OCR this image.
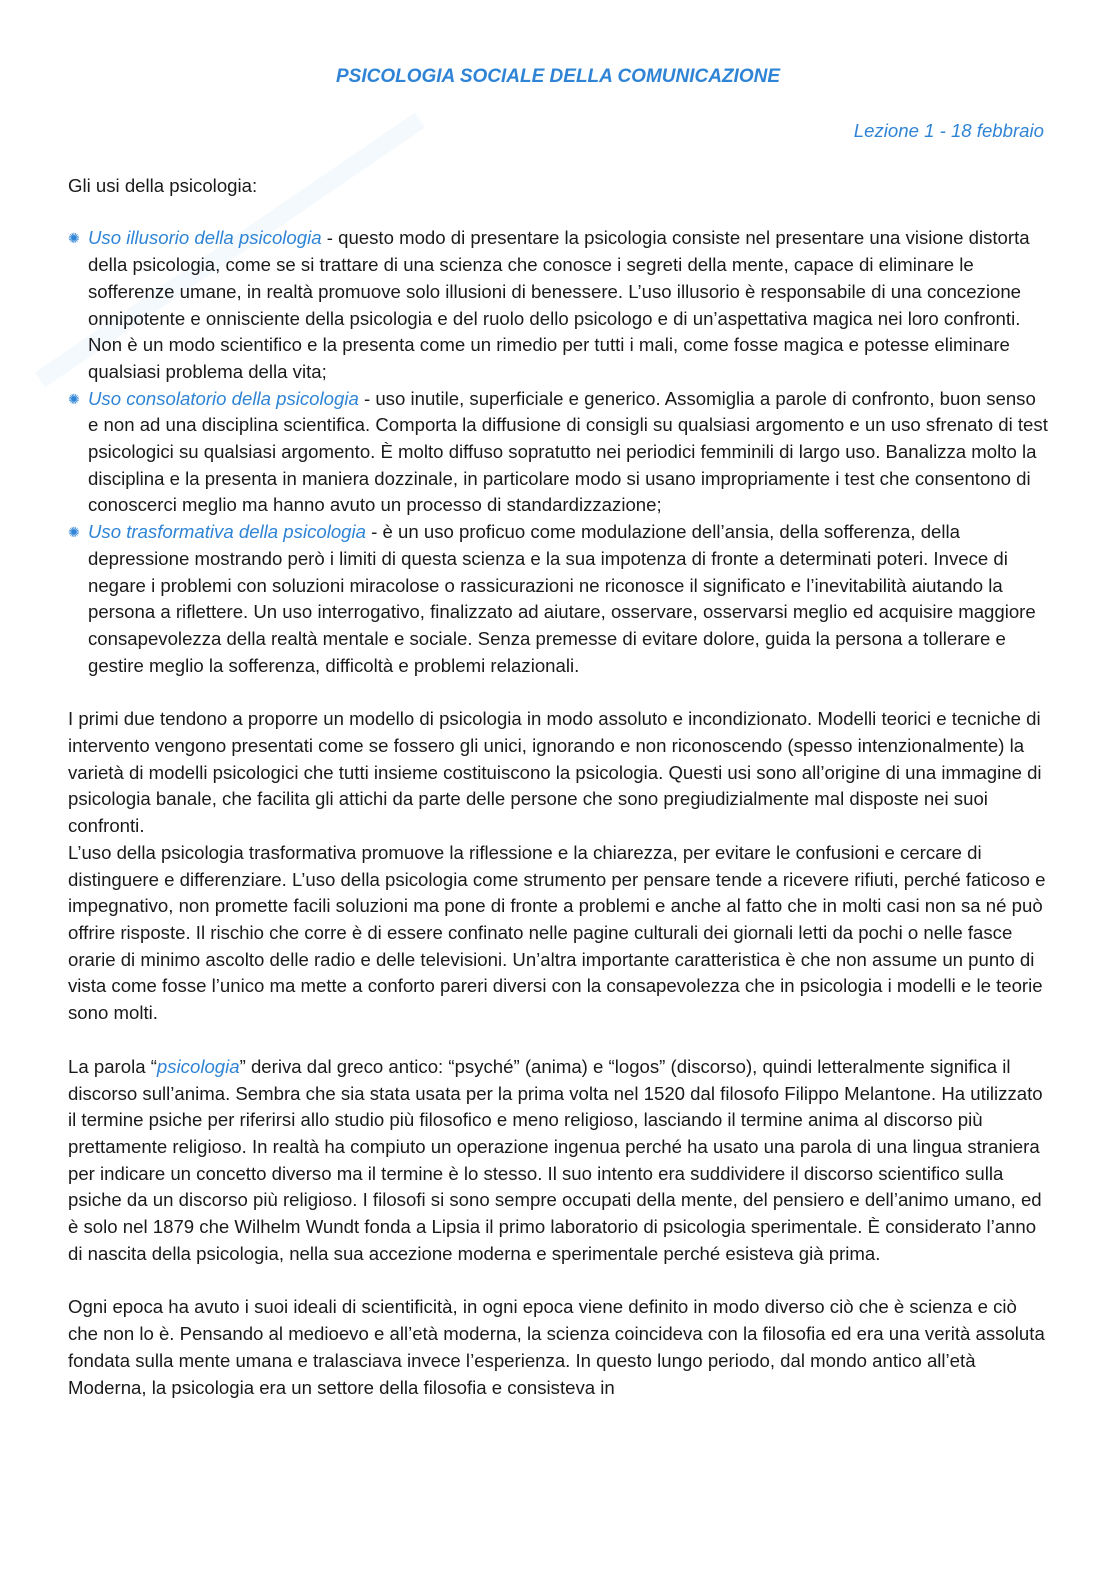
PSICOLOGIA SOCIALE DELLA COMUNICAZIONE
Lezione 1 - 18 febbraio

Gli usi della psicologia:

✺ Uso illusorio della psicologia - questo modo di presentare la psicologia consiste nel presentare una visione distorta della psicologia, come se si trattare di una scienza che conosce i segreti della mente, capace di eliminare le sofferenze umane, in realtà promuove solo illusioni di benessere. L’uso illusorio è responsabile di una concezione onnipotente e onnisciente della psicologia e del ruolo dello psicologo e di un’aspettativa magica nei loro confronti. Non è un modo scientifico e la presenta come un rimedio per tutti i mali, come fosse magica e potesse eliminare qualsiasi problema della vita;
✺ Uso consolatorio della psicologia - uso inutile, superficiale e generico. Assomiglia a parole di confronto, buon senso e non ad una disciplina scientifica. Comporta la diffusione di consigli su qualsiasi argomento e un uso sfrenato di test psicologici su qualsiasi argomento. È molto diffuso sopratutto nei periodici femminili di largo uso. Banalizza molto la disciplina e la presenta in maniera dozzinale, in particolare modo si usano impropriamente i test che consentono di conoscerci meglio ma hanno avuto un processo di standardizzazione;
✺ Uso trasformativa della psicologia - è un uso proficuo come modulazione dell’ansia, della sofferenza, della depressione mostrando però i limiti di questa scienza e la sua impotenza di fronte a determinati poteri. Invece di negare i problemi con soluzioni miracolose o rassicurazioni ne riconosce il significato e l’inevitabilità aiutando la persona a riflettere. Un uso interrogativo, finalizzato ad aiutare, osservare, osservarsi meglio ed acquisire maggiore consapevolezza della realtà mentale e sociale. Senza premesse di evitare dolore, guida la persona a tollerare e gestire meglio la sofferenza, difficoltà e problemi relazionali.

I primi due tendono a proporre un modello di psicologia in modo assoluto e incondizionato. Modelli teorici e tecniche di intervento vengono presentati come se fossero gli unici, ignorando e non riconoscendo (spesso intenzionalmente) la varietà di modelli psicologici che tutti insieme costituiscono la psicologia. Questi usi sono all’origine di una immagine di psicologia banale, che facilita gli attichi da parte delle persone che sono pregiudizialmente mal disposte nei suoi confronti.

L’uso della psicologia trasformativa promuove la riflessione e la chiarezza, per evitare le confusioni e cercare di distinguere e differenziare. L’uso della psicologia come strumento per pensare tende a ricevere rifiuti, perché faticoso e impegnativo, non promette facili soluzioni ma pone di fronte a problemi e anche al fatto che in molti casi non sa né può offrire risposte. Il rischio che corre è di essere confinato nelle pagine culturali dei giornali letti da pochi o nelle fasce orarie di minimo ascolto delle radio e delle televisioni. Un’altra importante caratteristica è che non assume un punto di vista come fosse l’unico ma mette a conforto pareri diversi con la consapevolezza che in psicologia i modelli e le teorie sono molti.

La parola “psicologia” deriva dal greco antico: “psyché” (anima) e “logos” (discorso), quindi letteralmente significa il discorso sull’anima. Sembra che sia stata usata per la prima volta nel 1520 dal filosofo Filippo Melantone. Ha utilizzato il termine psiche per riferirsi allo studio più filosofico e meno religioso, lasciando il termine anima al discorso più prettamente religioso. In realtà ha compiuto un operazione ingenua perché ha usato una parola di una lingua straniera per indicare un concetto diverso ma il termine è lo stesso. Il suo intento era suddividere il discorso scientifico sulla psiche da un discorso più religioso. I filosofi si sono sempre occupati della mente, del pensiero e dell’animo umano, ed è solo nel 1879 che Wilhelm Wundt fonda a Lipsia il primo laboratorio di psicologia sperimentale. È considerato l’anno di nascita della psicologia, nella sua accezione moderna e sperimentale perché esisteva già prima.

Ogni epoca ha avuto i suoi ideali di scientificità, in ogni epoca viene definito in modo diverso ciò che è scienza e ciò che non lo è. Pensando al medioevo e all’età moderna, la scienza coincideva con la filosofia ed era una verità assoluta fondata sulla mente umana e tralasciava invece l’esperienza. In questo lungo periodo, dal mondo antico all’età Moderna, la psicologia era un settore della filosofia e consisteva in
